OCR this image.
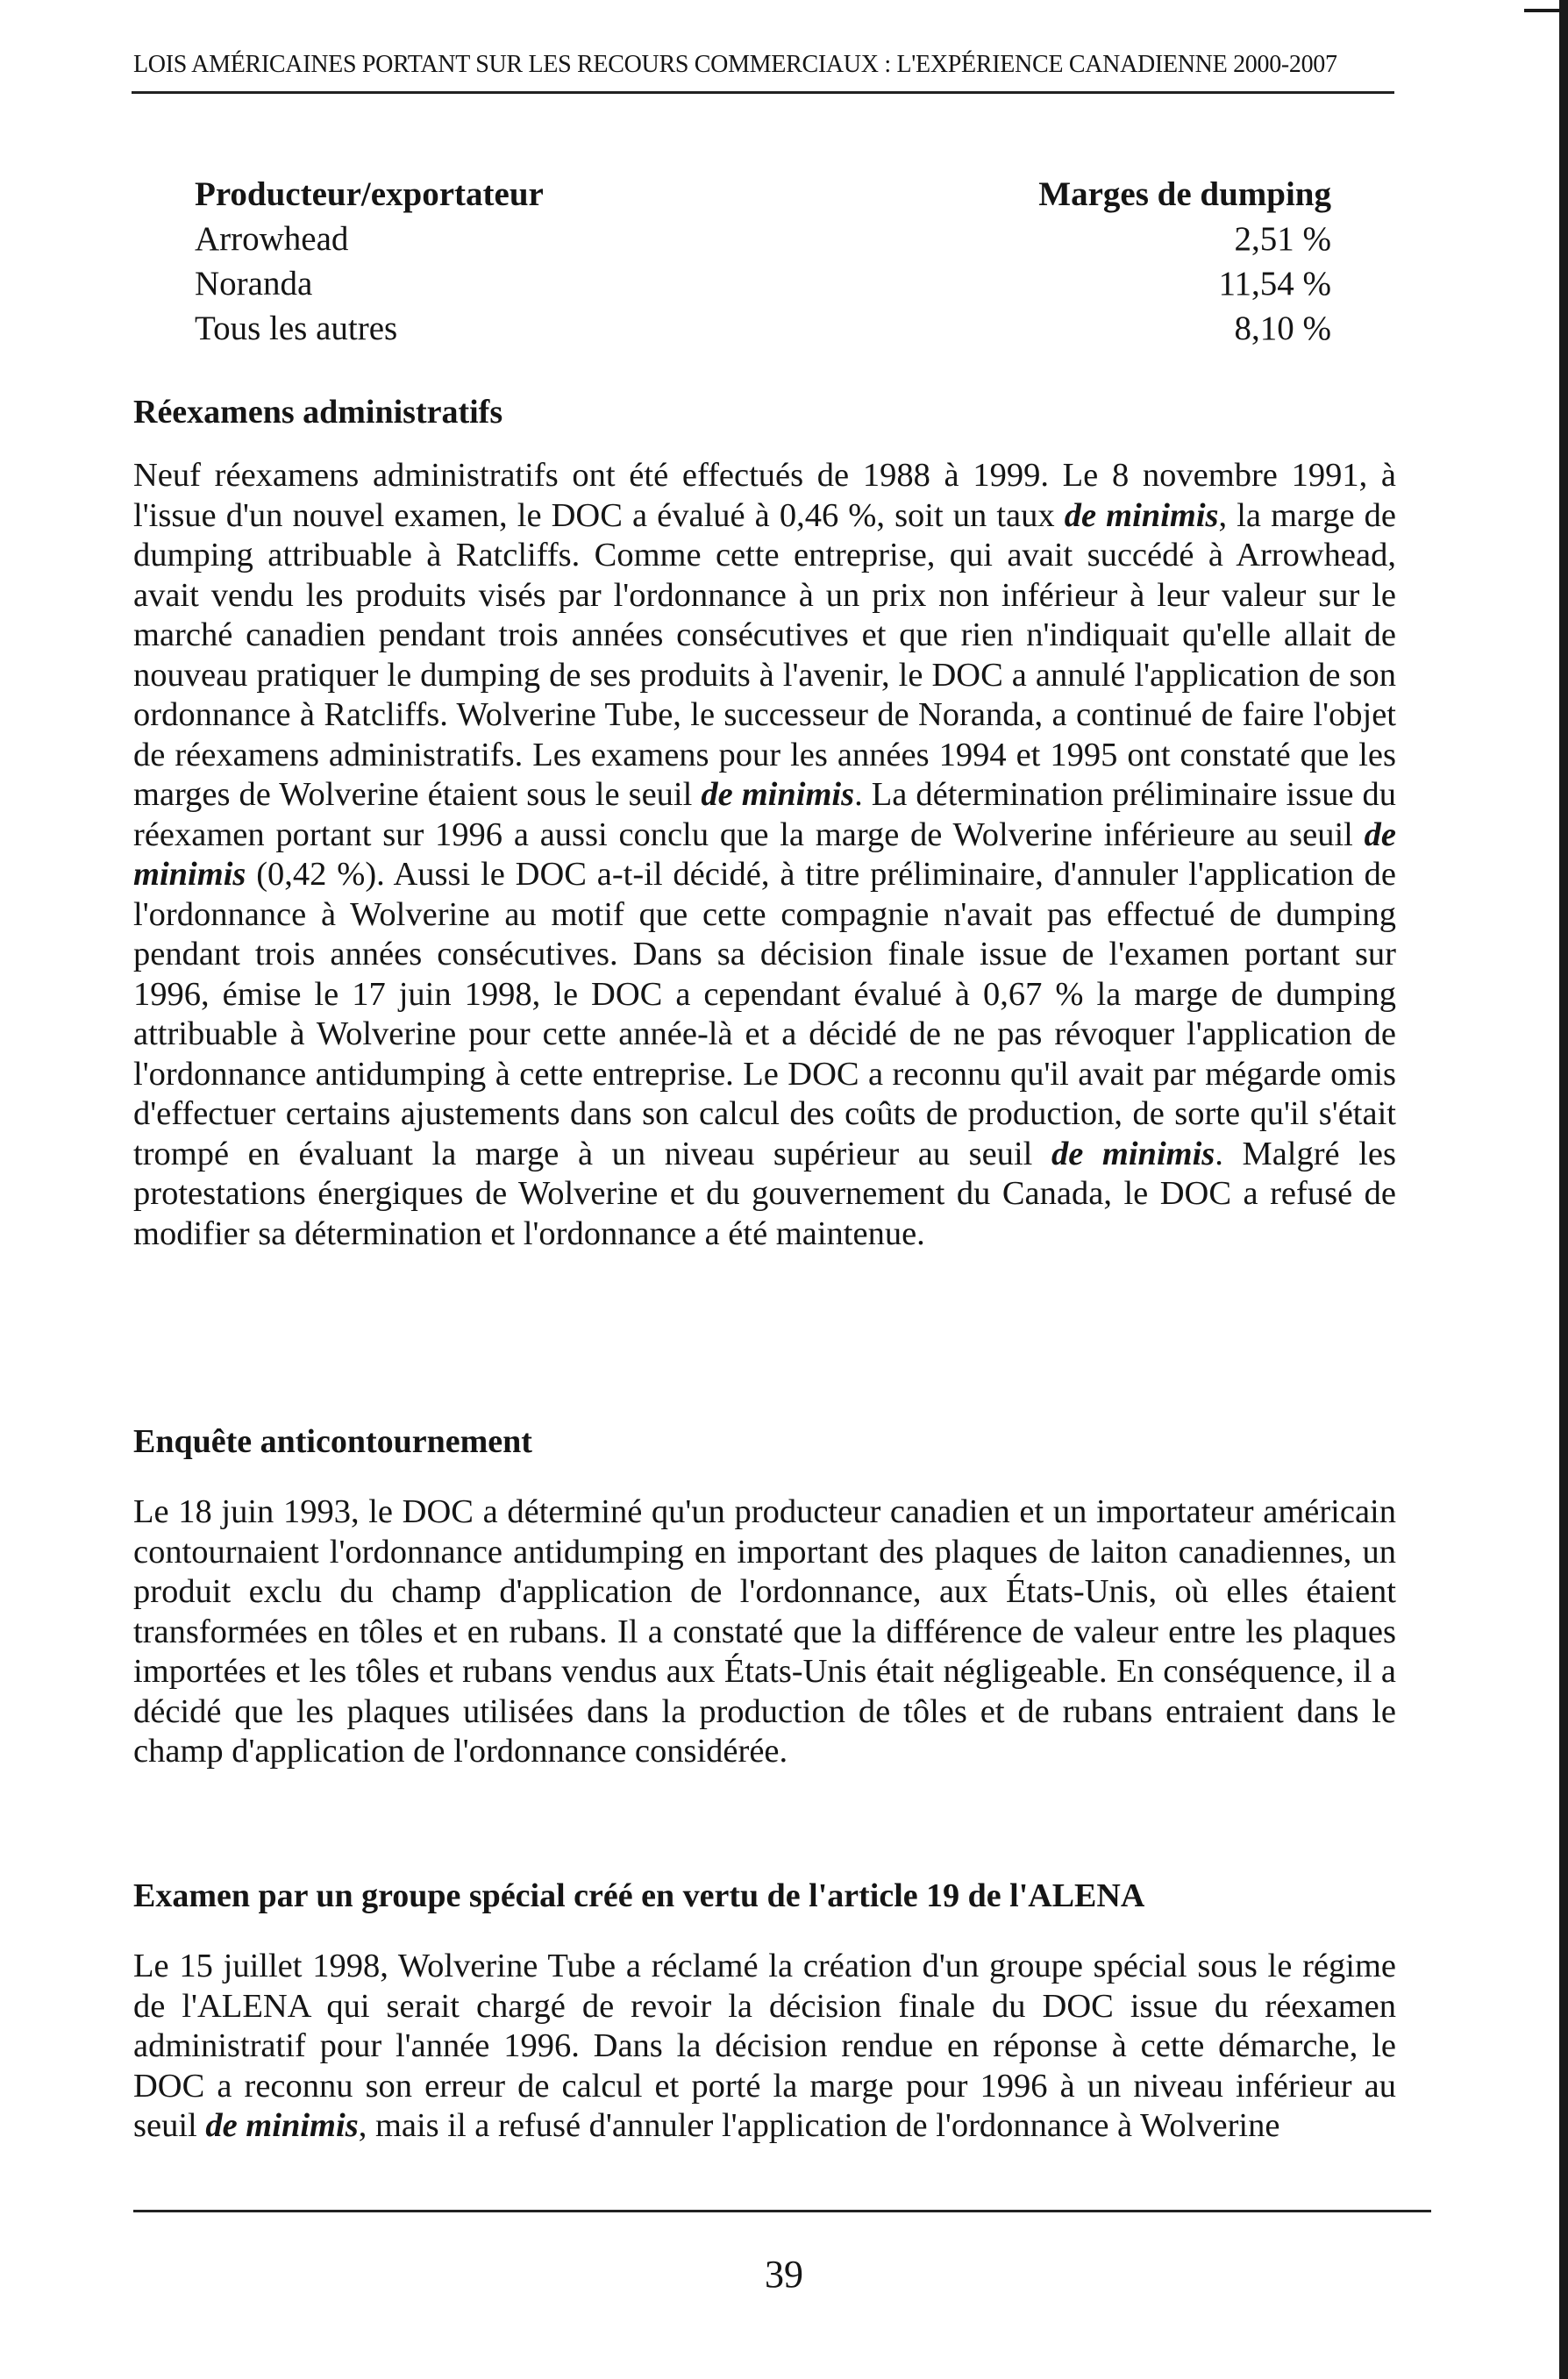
LOIS AMÉRICAINES PORTANT SUR LES RECOURS COMMERCIAUX : L'EXPÉRIENCE CANADIENNE 2000-2007
Producteur/exportateur	Marges de dumping
Arrowhead	2,51 %
Noranda	11,54 %
Tous les autres	8,10 %
Réexamens administratifs

Neuf réexamens administratifs ont été effectués de 1988 à 1999. Le 8 novembre 1991, à l'issue d'un nouvel examen, le DOC a évalué à 0,46 %, soit un taux de minimis, la marge de dumping attribuable à Ratcliffs. Comme cette entreprise, qui avait succédé à Arrowhead, avait vendu les produits visés par l'ordonnance à un prix non inférieur à leur valeur sur le marché canadien pendant trois années consécutives et que rien n'indiquait qu'elle allait de nouveau pratiquer le dumping de ses produits à l'avenir, le DOC a annulé l'application de son ordonnance à Ratcliffs. Wolverine Tube, le successeur de Noranda, a continué de faire l'objet de réexamens administratifs. Les examens pour les années 1994 et 1995 ont constaté que les marges de Wolverine étaient sous le seuil de minimis. La détermination préliminaire issue du réexamen portant sur 1996 a aussi conclu que la marge de Wolverine inférieure au seuil de minimis (0,42 %). Aussi le DOC a-t-il décidé, à titre préliminaire, d'annuler l'application de l'ordonnance à Wolverine au motif que cette compagnie n'avait pas effectué de dumping pendant trois années consécutives. Dans sa décision finale issue de l'examen portant sur 1996, émise le 17 juin 1998, le DOC a cependant évalué à 0,67 % la marge de dumping attribuable à Wolverine pour cette année-là et a décidé de ne pas révoquer l'application de l'ordonnance antidumping à cette entreprise. Le DOC a reconnu qu'il avait par mégarde omis d'effectuer certains ajustements dans son calcul des coûts de production, de sorte qu'il s'était trompé en évaluant la marge à un niveau supérieur au seuil de minimis. Malgré les protestations énergiques de Wolverine et du gouvernement du Canada, le DOC a refusé de modifier sa détermination et l'ordonnance a été maintenue.

Enquête anticontournement

Le 18 juin 1993, le DOC a déterminé qu'un producteur canadien et un importateur américain contournaient l'ordonnance antidumping en important des plaques de laiton canadiennes, un produit exclu du champ d'application de l'ordonnance, aux États-Unis, où elles étaient transformées en tôles et en rubans. Il a constaté que la différence de valeur entre les plaques importées et les tôles et rubans vendus aux États-Unis était négligeable. En conséquence, il a décidé que les plaques utilisées dans la production de tôles et de rubans entraient dans le champ d'application de l'ordonnance considérée.

Examen par un groupe spécial créé en vertu de l'article 19 de l'ALENA

Le 15 juillet 1998, Wolverine Tube a réclamé la création d'un groupe spécial sous le régime de l'ALENA qui serait chargé de revoir la décision finale du DOC issue du réexamen administratif pour l'année 1996. Dans la décision rendue en réponse à cette démarche, le DOC a reconnu son erreur de calcul et porté la marge pour 1996 à un niveau inférieur au seuil de minimis, mais il a refusé d'annuler l'application de l'ordonnance à Wolverine

39
